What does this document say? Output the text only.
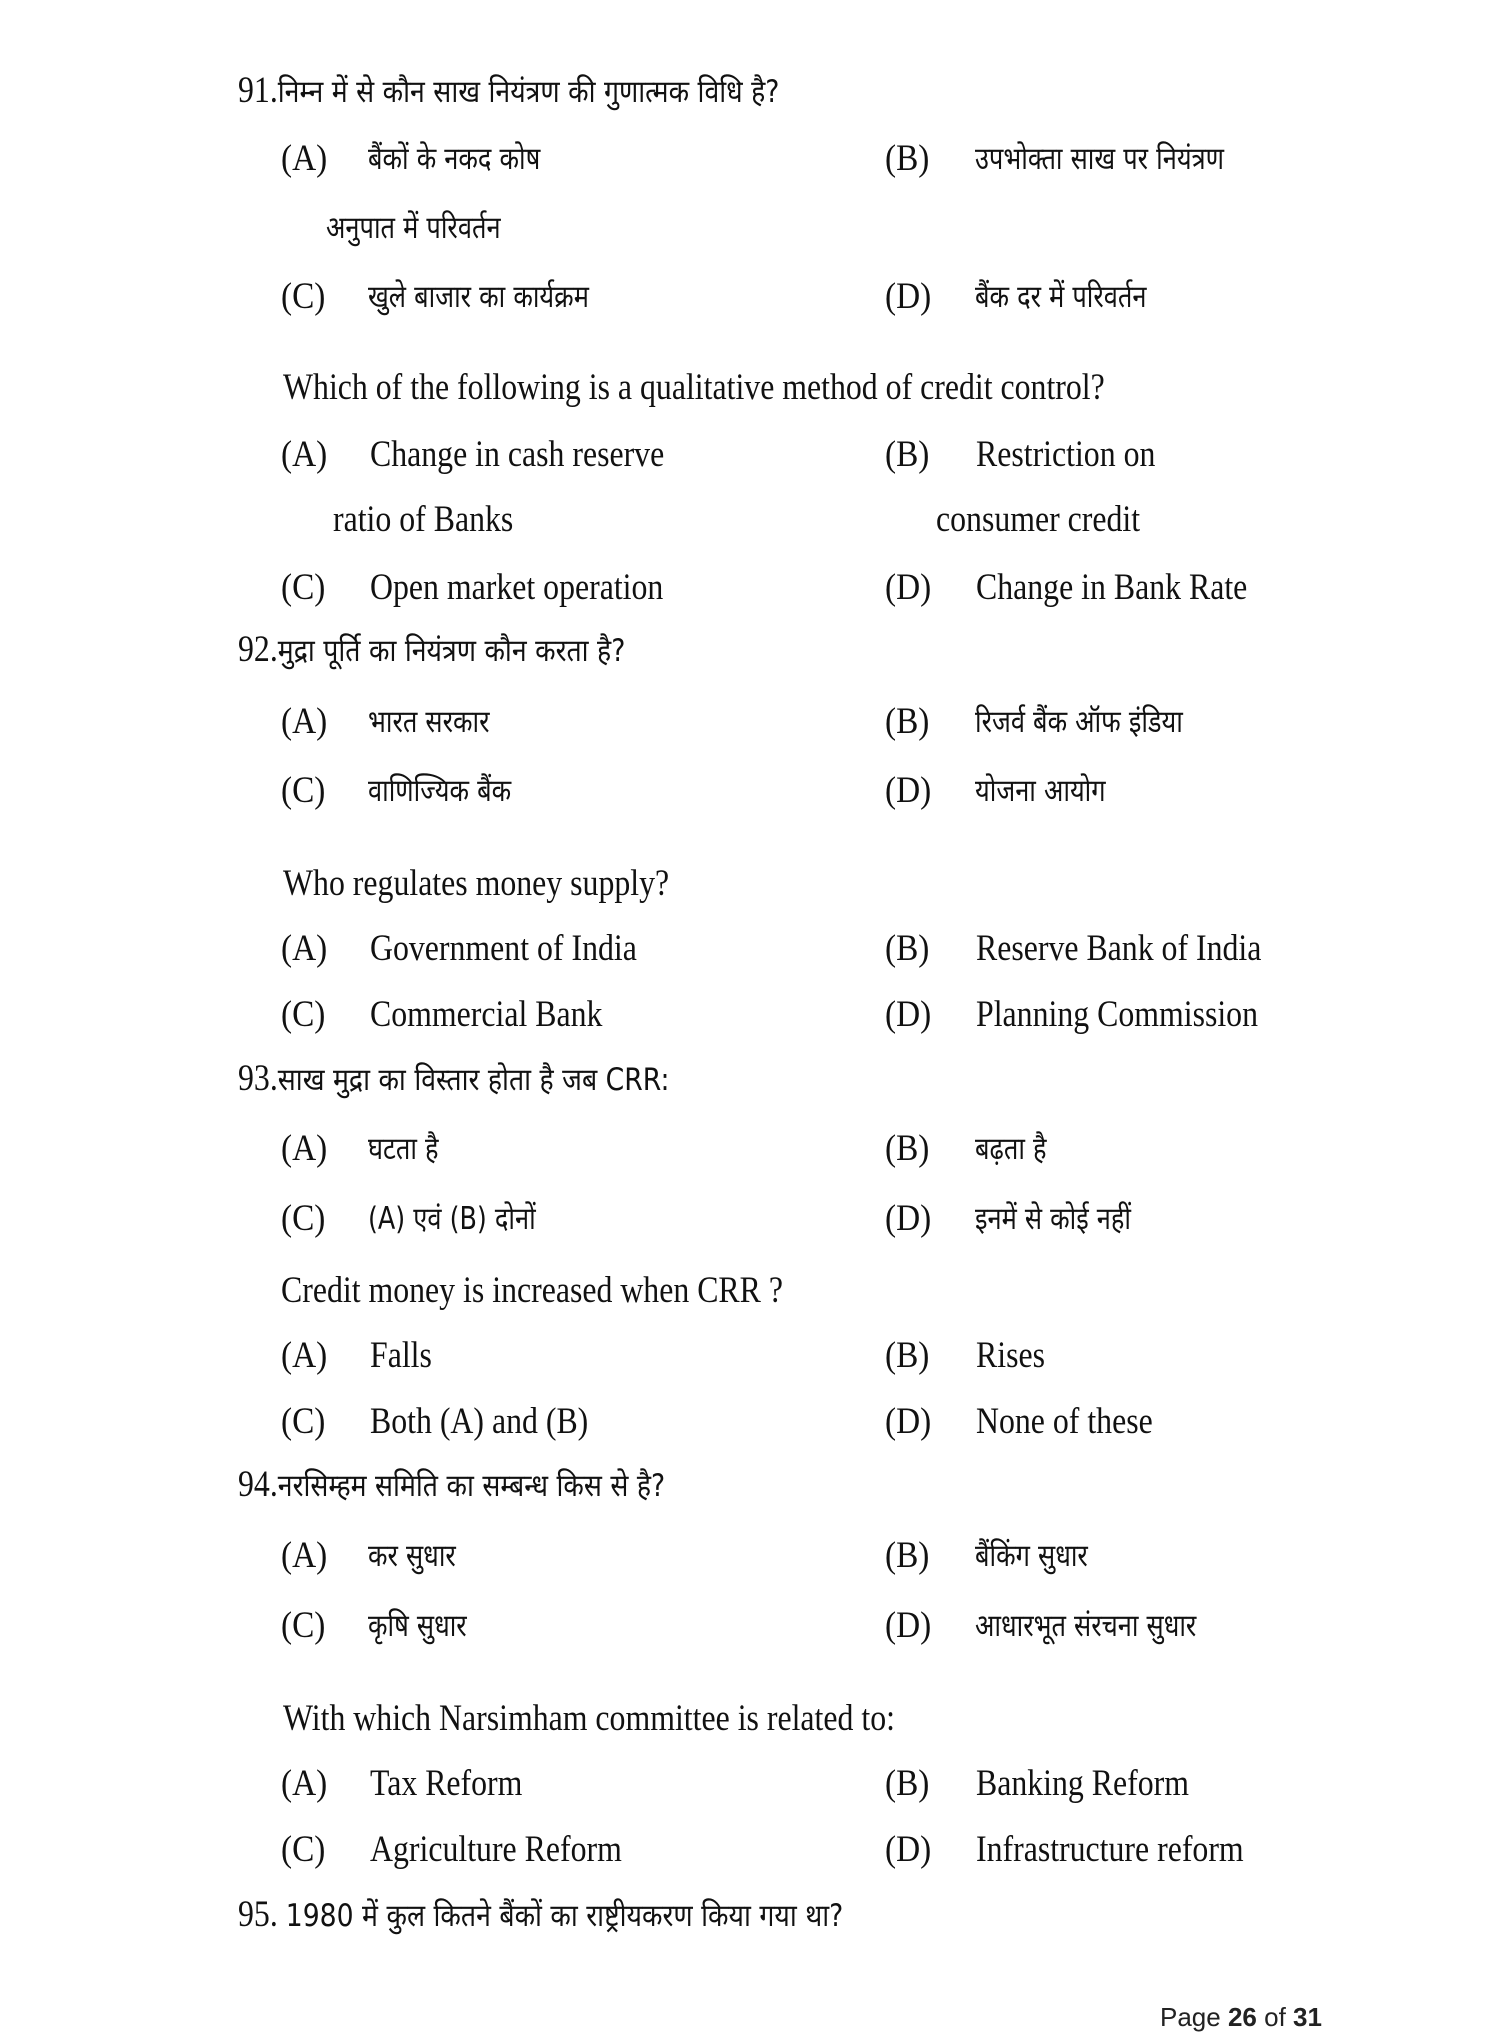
91.निम्न में से कौन साख नियंत्रण की गुणात्मक विधि है?
(A) बैंकों के नकद कोष	(B) उपभोक्ता साख पर नियंत्रण
अनुपात में परिवर्तन
(C) खुले बाजार का कार्यक्रम	(D) बैंक दर में परिवर्तन
Which of the following is a qualitative method of credit control?
(A) Change in cash reserve	(B) Restriction on
ratio of Banks	consumer credit
(C) Open market operation	(D) Change in Bank Rate
92.मुद्रा पूर्ति का नियंत्रण कौन करता है?
(A) भारत सरकार	(B) रिजर्व बैंक ऑफ इंडिया
(C) वाणिज्यिक बैंक	(D) योजना आयोग
Who regulates money supply?
(A) Government of India	(B) Reserve Bank of India
(C) Commercial Bank	(D) Planning Commission
93.साख मुद्रा का विस्तार होता है जब CRR:
(A) घटता है	(B) बढ़ता है
(C) (A) एवं (B) दोनों	(D) इनमें से कोई नहीं
Credit money is increased when CRR ?
(A) Falls	(B) Rises
(C) Both (A) and (B)	(D) None of these
94.नरसिम्हम समिति का सम्बन्ध किस से है?
(A) कर सुधार	(B) बैंकिंग सुधार
(C) कृषि सुधार	(D) आधारभूत संरचना सुधार
With which Narsimham committee is related to:
(A) Tax Reform	(B) Banking Reform
(C) Agriculture Reform	(D) Infrastructure reform
95. 1980 में कुल कितने बैंकों का राष्ट्रीयकरण किया गया था?
Page 26 of 31
